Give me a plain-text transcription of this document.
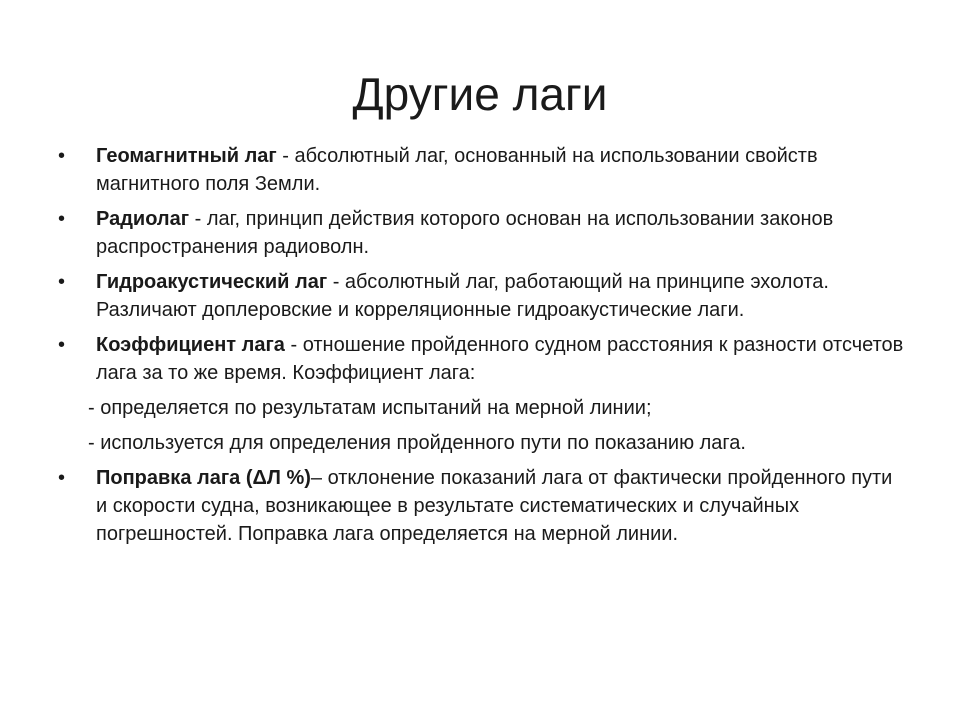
Другие лаги
•	Геомагнитный лаг - абсолютный лаг, основанный на использовании свойств магнитного поля Земли.
•	Радиолаг - лаг, принцип действия которого основан на использовании законов распространения радиоволн.
•	Гидроакустический лаг - абсолютный лаг, работающий на принципе эхолота. Различают доплеровские и корреляционные гидроакустические лаги.
•	Коэффициент лага - отношение пройденного судном расстояния к разности отсчетов лага за то же время. Коэффициент лага:
- определяется по результатам испытаний на мерной линии;
- используется для определения пройденного пути по показанию лага.
•	Поправка лага (ΔЛ %)– отклонение показаний лага от фактически пройденного пути и скорости судна, возникающее в результате систематических и случайных погрешностей. Поправка лага определяется на мерной линии.
